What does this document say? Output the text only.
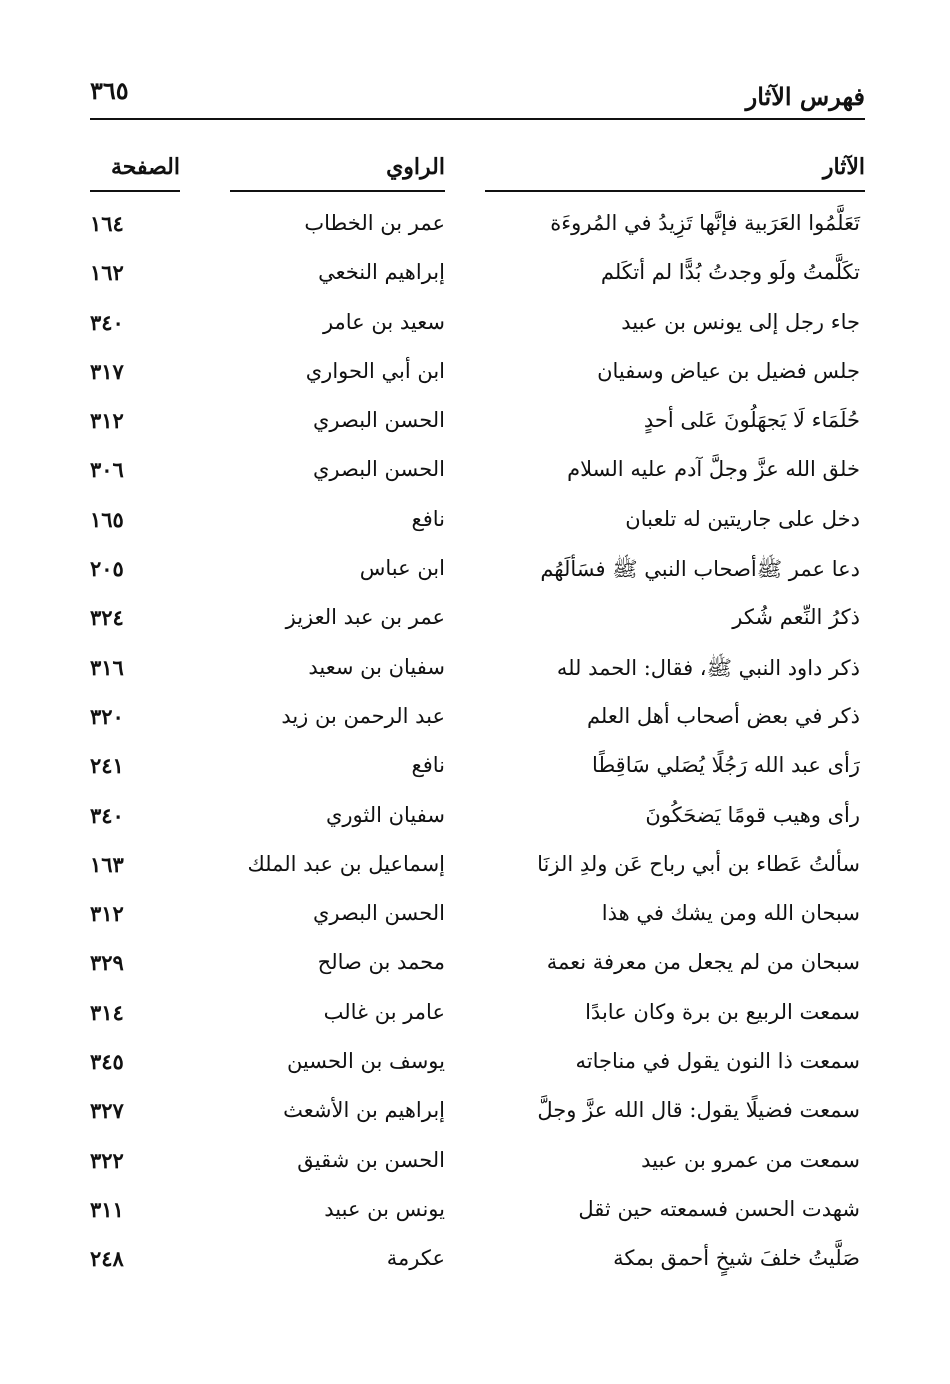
فهرس الآثار
٣٦٥
الآثار
الراوي
الصفحة
تَعَلَّمُوا العَرَبية فإنَّها تَزِيدُ في المُروءَة
عمر بن الخطاب
١٦٤
تكَلَّمتُ ولَو وجدتُ بُدًّا لم أتكَلم
إبراهيم النخعي
١٦٢
جاء رجل إلى يونس بن عبيد
سعيد بن عامر
٣٤٠
جلس فضيل بن عياض وسفيان
ابن أبي الحواري
٣١٧
حُلَمَاء لَا يَجهَلُونَ عَلى أحدٍ
الحسن البصري
٣١٢
خلق الله عزَّ وجلَّ آدم عليه السلام
الحسن البصري
٣٠٦
دخل على جاريتين له تلعبان
نافع
١٦٥
دعا عمر ﷺأصحاب النبي ﷺ فسَألَهُم
ابن عباس
٢٠٥
ذكرُ النِّعم شُكر
عمر بن عبد العزيز
٣٢٤
ذكر داود النبي ﷺ، فقال: الحمد لله
سفيان بن سعيد
٣١٦
ذكر في بعض أصحاب أهل العلم
عبد الرحمن بن زيد
٣٢٠
رَأى عبد الله رَجُلًا يُصَلي سَاقِطًا
نافع
٢٤١
رأى وهيب قومًا يَضحَكُونَ
سفيان الثوري
٣٤٠
سألتُ عَطاء بن أبي رباح عَن ولدِ الزنَا
إسماعيل بن عبد الملك
١٦٣
سبحان الله ومن يشك في هذا
الحسن البصري
٣١٢
سبحان من لم يجعل من معرفة نعمة
محمد بن صالح
٣٢٩
سمعت الربيع بن برة وكان عابدًا
عامر بن غالب
٣١٤
سمعت ذا النون يقول في مناجاته
يوسف بن الحسين
٣٤٥
سمعت فضيلًا يقول: قال الله عزَّ وجلَّ
إبراهيم بن الأشعث
٣٢٧
سمعت من عمرو بن عبيد
الحسن بن شقيق
٣٢٢
شهدت الحسن فسمعته حين ثقل
يونس بن عبيد
٣١١
صَلَّيتُ خلفَ شيخٍ أحمق بمكة
عكرمة
٢٤٨
